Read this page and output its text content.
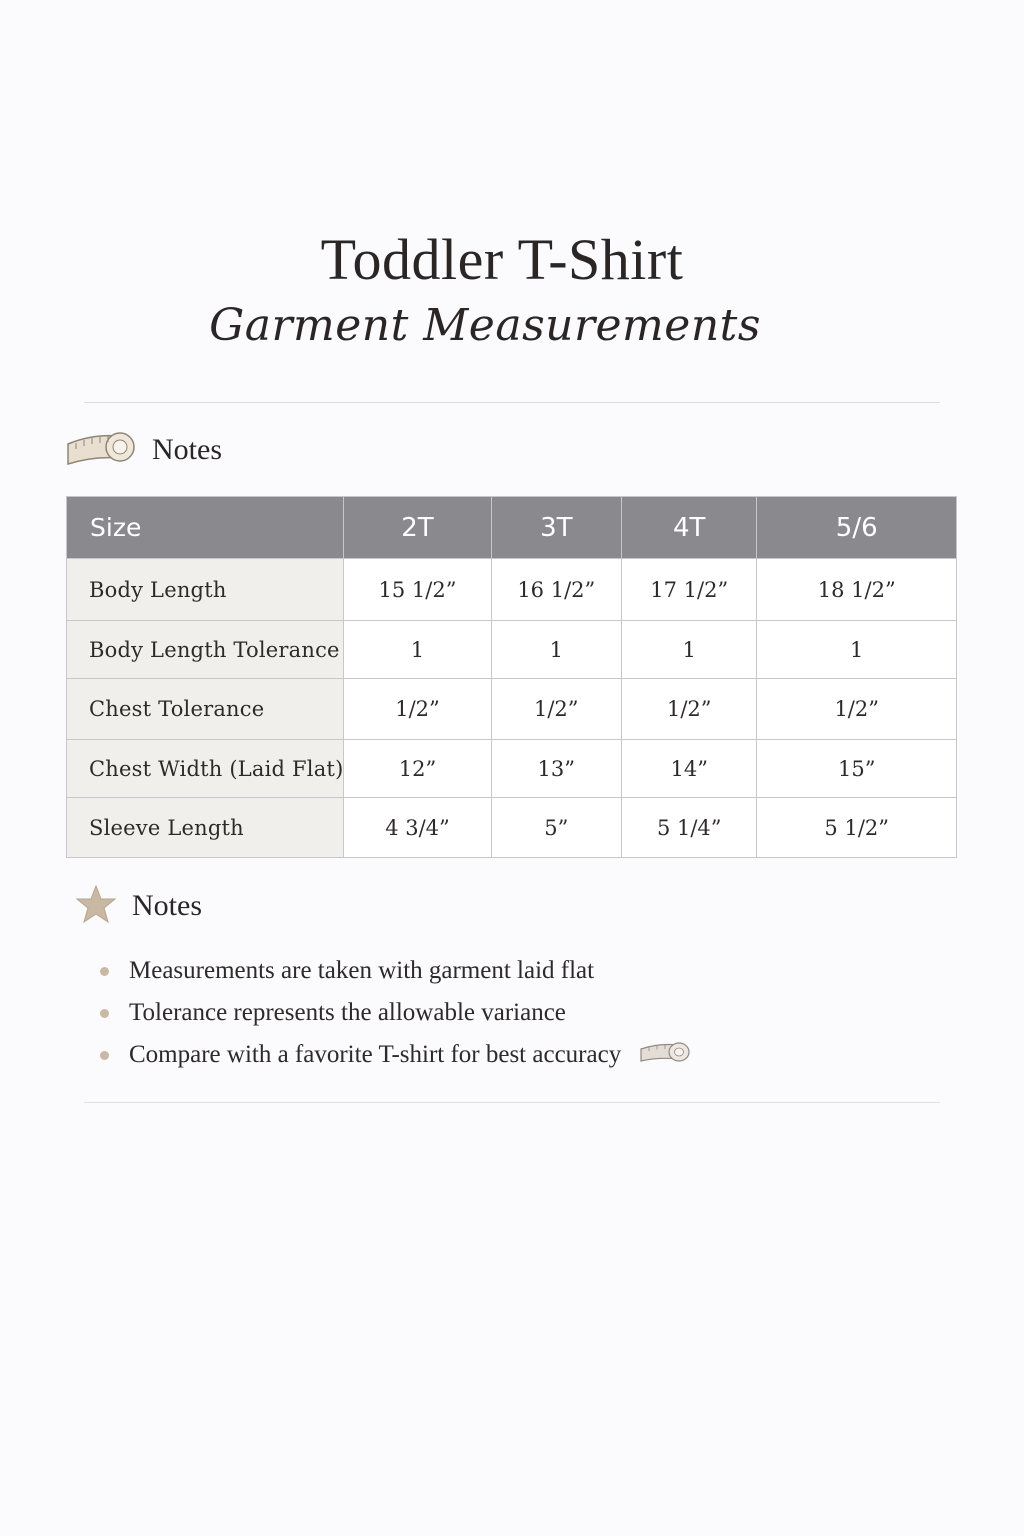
Toddler T-Shirt
Garment Measurements
Notes
Size	2T	3T	4T	5/6
Body Length	15 1/2”	16 1/2”	17 1/2”	18 1/2”
Body Length Tolerance	1	1	1	1
Chest Tolerance	1/2”	1/2”	1/2”	1/2”
Chest Width (Laid Flat)	12”	13”	14”	15”
Sleeve Length	4 3/4”	5”	5 1/4”	5 1/2”
Notes
Measurements are taken with garment laid flat
Tolerance represents the allowable variance
Compare with a favorite T-shirt for best accuracy
